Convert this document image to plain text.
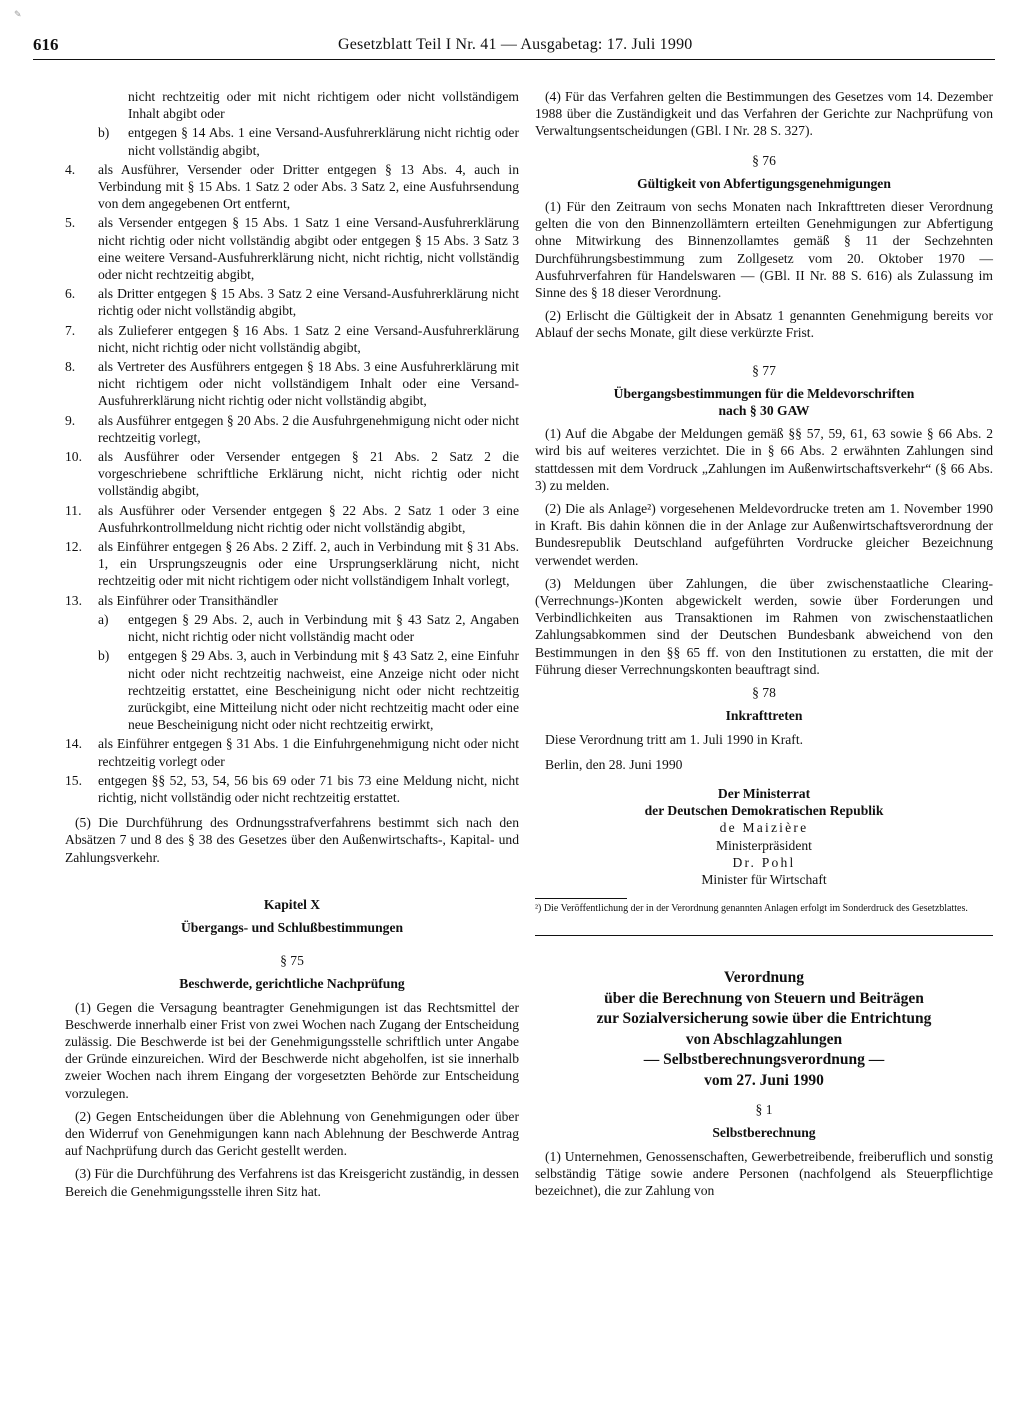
✎
616	Gesetzblatt Teil I Nr. 41 — Ausgabetag: 17. Juli 1990
nicht rechtzeitig oder mit nicht richtigem oder nicht vollständigem Inhalt abgibt oder
b)	entgegen § 14 Abs. 1 eine Versand-Ausfuhrerklärung nicht richtig oder nicht vollständig abgibt,
4.	als Ausführer, Versender oder Dritter entgegen § 13 Abs. 4, auch in Verbindung mit § 15 Abs. 1 Satz 2 oder Abs. 3 Satz 2, eine Ausfuhrsendung von dem angegebenen Ort entfernt,
5.	als Versender entgegen § 15 Abs. 1 Satz 1 eine Versand-Ausfuhrerklärung nicht richtig oder nicht vollständig abgibt oder entgegen § 15 Abs. 3 Satz 3 eine weitere Versand-Ausfuhrerklärung nicht, nicht richtig, nicht vollständig oder nicht rechtzeitig abgibt,
6.	als Dritter entgegen § 15 Abs. 3 Satz 2 eine Versand-Ausfuhrerklärung nicht richtig oder nicht vollständig abgibt,
7.	als Zulieferer entgegen § 16 Abs. 1 Satz 2 eine Versand-Ausfuhrerklärung nicht, nicht richtig oder nicht vollständig abgibt,
8.	als Vertreter des Ausführers entgegen § 18 Abs. 3 eine Ausfuhrerklärung mit nicht richtigem oder nicht vollständigem Inhalt oder eine Versand-Ausfuhrerklärung nicht richtig oder nicht vollständig abgibt,
9.	als Ausführer entgegen § 20 Abs. 2 die Ausfuhrgenehmigung nicht oder nicht rechtzeitig vorlegt,
10.	als Ausführer oder Versender entgegen § 21 Abs. 2 Satz 2 die vorgeschriebene schriftliche Erklärung nicht, nicht richtig oder nicht vollständig abgibt,
11.	als Ausführer oder Versender entgegen § 22 Abs. 2 Satz 1 oder 3 eine Ausfuhrkontrollmeldung nicht richtig oder nicht vollständig abgibt,
12.	als Einführer entgegen § 26 Abs. 2 Ziff. 2, auch in Verbindung mit § 31 Abs. 1, ein Ursprungszeugnis oder eine Ursprungserklärung nicht, nicht rechtzeitig oder mit nicht richtigem oder nicht vollständigem Inhalt vorlegt,
13.	als Einführer oder Transithändler
a)	entgegen § 29 Abs. 2, auch in Verbindung mit § 43 Satz 2, Angaben nicht, nicht richtig oder nicht vollständig macht oder
b)	entgegen § 29 Abs. 3, auch in Verbindung mit § 43 Satz 2, eine Einfuhr nicht oder nicht rechtzeitig nachweist, eine Anzeige nicht oder nicht rechtzeitig erstattet, eine Bescheinigung nicht oder nicht rechtzeitig zurückgibt, eine Mitteilung nicht oder nicht rechtzeitig macht oder eine neue Bescheinigung nicht oder nicht rechtzeitig erwirkt,
14.	als Einführer entgegen § 31 Abs. 1 die Einfuhrgenehmigung nicht oder nicht rechtzeitig vorlegt oder
15.	entgegen §§ 52, 53, 54, 56 bis 69 oder 71 bis 73 eine Meldung nicht, nicht richtig, nicht vollständig oder nicht rechtzeitig erstattet.

(5) Die Durchführung des Ordnungsstrafverfahrens bestimmt sich nach den Absätzen 7 und 8 des § 38 des Gesetzes über den Außenwirtschafts-, Kapital- und Zahlungsverkehr.

Kapitel X

Übergangs- und Schlußbestimmungen

§ 75

Beschwerde, gerichtliche Nachprüfung

(1) Gegen die Versagung beantragter Genehmigungen ist das Rechtsmittel der Beschwerde innerhalb einer Frist von zwei Wochen nach Zugang der Entscheidung zulässig. Die Beschwerde ist bei der Genehmigungsstelle schriftlich unter Angabe der Gründe einzureichen. Wird der Beschwerde nicht abgeholfen, ist sie innerhalb zweier Wochen nach ihrem Eingang der vorgesetzten Behörde zur Entscheidung vorzulegen.

(2) Gegen Entscheidungen über die Ablehnung von Genehmigungen oder über den Widerruf von Genehmigungen kann nach Ablehnung der Beschwerde Antrag auf Nachprüfung durch das Gericht gestellt werden.

(3) Für die Durchführung des Verfahrens ist das Kreisgericht zuständig, in dessen Bereich die Genehmigungsstelle ihren Sitz hat.

(4) Für das Verfahren gelten die Bestimmungen des Gesetzes vom 14. Dezember 1988 über die Zuständigkeit und das Verfahren der Gerichte zur Nachprüfung von Verwaltungsentscheidungen (GBl. I Nr. 28 S. 327).

§ 76

Gültigkeit von Abfertigungsgenehmigungen

(1) Für den Zeitraum von sechs Monaten nach Inkrafttreten dieser Verordnung gelten die von den Binnenzollämtern erteilten Genehmigungen zur Abfertigung ohne Mitwirkung des Binnenzollamtes gemäß § 11 der Sechzehnten Durchführungsbestimmung zum Zollgesetz vom 20. Oktober 1970 — Ausfuhrverfahren für Handelswaren — (GBl. II Nr. 88 S. 616) als Zulassung im Sinne des § 18 dieser Verordnung.

(2) Erlischt die Gültigkeit der in Absatz 1 genannten Genehmigung bereits vor Ablauf der sechs Monate, gilt diese verkürzte Frist.

§ 77

Übergangsbestimmungen für die Meldevorschriften

nach § 30 GAW

(1) Auf die Abgabe der Meldungen gemäß §§ 57, 59, 61, 63 sowie § 66 Abs. 2 wird bis auf weiteres verzichtet. Die in § 66 Abs. 2 erwähnten Zahlungen sind stattdessen mit dem Vordruck „Zahlungen im Außenwirtschaftsverkehr“ (§ 66 Abs. 3) zu melden.

(2) Die als Anlage²) vorgesehenen Meldevordrucke treten am 1. November 1990 in Kraft. Bis dahin können die in der Anlage zur Außenwirtschaftsverordnung der Bundesrepublik Deutschland aufgeführten Vordrucke gleicher Bezeichnung verwendet werden.

(3) Meldungen über Zahlungen, die über zwischenstaatliche Clearing-(Verrechnungs-)Konten abgewickelt werden, sowie über Forderungen und Verbindlichkeiten aus Transaktionen im Rahmen von zwischenstaatlichen Zahlungsabkommen sind der Deutschen Bundesbank abweichend von den Bestimmungen in den §§ 65 ff. von den Institutionen zu erstatten, die mit der Führung dieser Verrechnungskonten beauftragt sind.

§ 78

Inkrafttreten

Diese Verordnung tritt am 1. Juli 1990 in Kraft.

Berlin, den 28. Juni 1990

Der Ministerrat

der Deutschen Demokratischen Republik

de Maizière

Ministerpräsident

Dr. Pohl

Minister für Wirtschaft

²) Die Veröffentlichung der in der Verordnung genannten Anlagen erfolgt im Sonderdruck des Gesetzblattes.

Verordnung
über die Berechnung von Steuern und Beiträgen
zur Sozialversicherung sowie über die Entrichtung
von Abschlagzahlungen
— Selbstberechnungsverordnung —
vom 27. Juni 1990

§ 1

Selbstberechnung

(1) Unternehmen, Genossenschaften, Gewerbetreibende, freiberuflich und sonstig selbständig Tätige sowie andere Personen (nachfolgend als Steuerpflichtige bezeichnet), die zur Zahlung von
